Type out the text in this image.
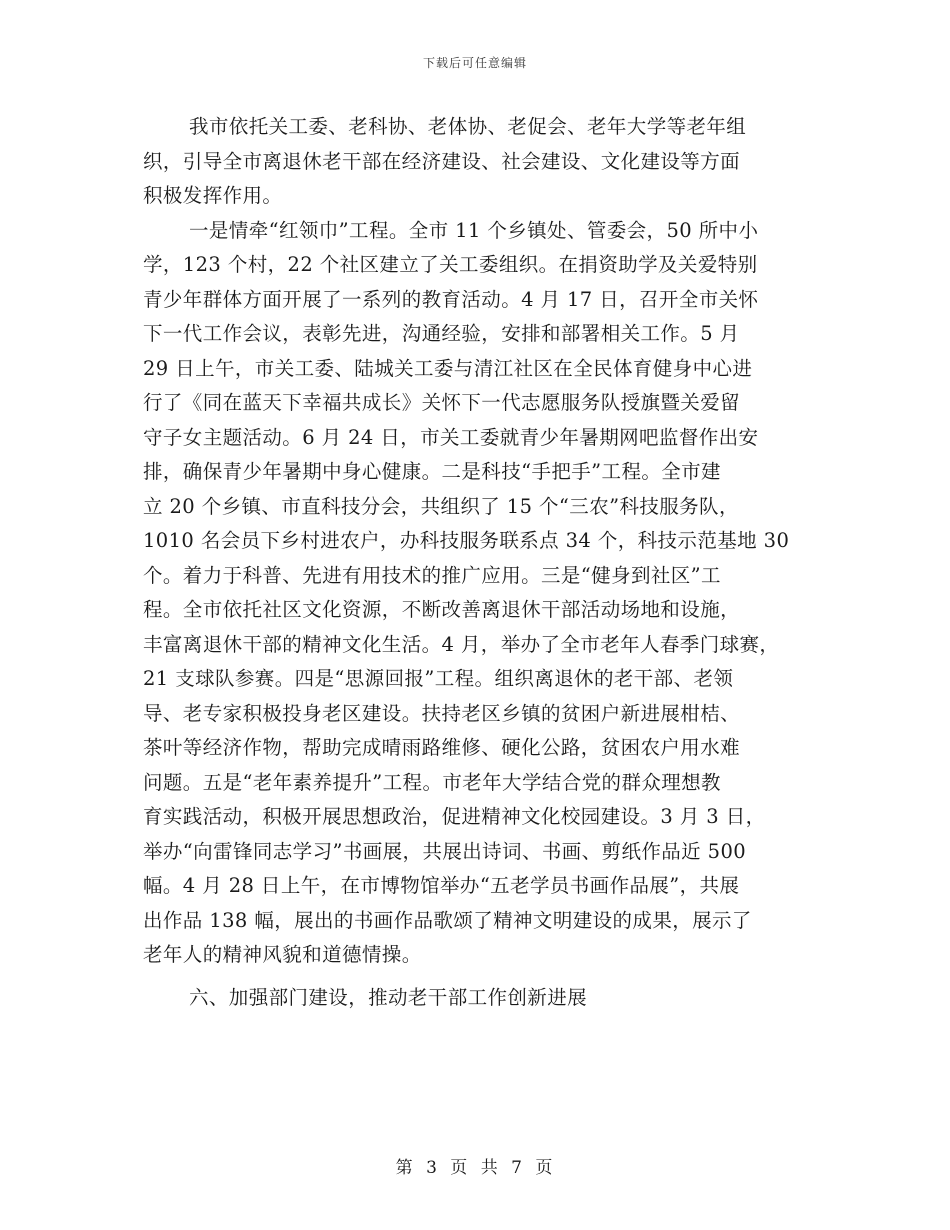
下载后可任意编辑
我市依托关工委、老科协、老体协、老促会、老年大学等老年组
织，引导全市离退休老干部在经济建设、社会建设、文化建设等方面
积极发挥作用。
一是情牵“红领巾”工程。全市 11 个乡镇处、管委会，50 所中小
学，123 个村，22 个社区建立了关工委组织。在捐资助学及关爱特别
青少年群体方面开展了一系列的教育活动。4 月 17 日，召开全市关怀
下一代工作会议，表彰先进，沟通经验，安排和部署相关工作。5 月
29 日上午，市关工委、陆城关工委与清江社区在全民体育健身中心进
行了《同在蓝天下幸福共成长》关怀下一代志愿服务队授旗暨关爱留
守子女主题活动。6 月 24 日，市关工委就青少年暑期网吧监督作出安
排，确保青少年暑期中身心健康。二是科技“手把手”工程。全市建
立 20 个乡镇、市直科技分会，共组织了 15 个“三农”科技服务队，
1010 名会员下乡村进农户，办科技服务联系点 34 个，科技示范基地 30
个。着力于科普、先进有用技术的推广应用。三是“健身到社区”工
程。全市依托社区文化资源，不断改善离退休干部活动场地和设施，
丰富离退休干部的精神文化生活。4 月，举办了全市老年人春季门球赛，
21 支球队参赛。四是“思源回报”工程。组织离退休的老干部、老领
导、老专家积极投身老区建设。扶持老区乡镇的贫困户新进展柑桔、
茶叶等经济作物，帮助完成晴雨路维修、硬化公路，贫困农户用水难
问题。五是“老年素养提升”工程。市老年大学结合党的群众理想教
育实践活动，积极开展思想政治，促进精神文化校园建设。3 月 3 日，
举办“向雷锋同志学习”书画展，共展出诗词、书画、剪纸作品近 500
幅。4 月 28 日上午，在市博物馆举办“五老学员书画作品展”，共展
出作品 138 幅，展出的书画作品歌颂了精神文明建设的成果，展示了
老年人的精神风貌和道德情操。
六、加强部门建设，推动老干部工作创新进展
第 3 页 共 7 页
